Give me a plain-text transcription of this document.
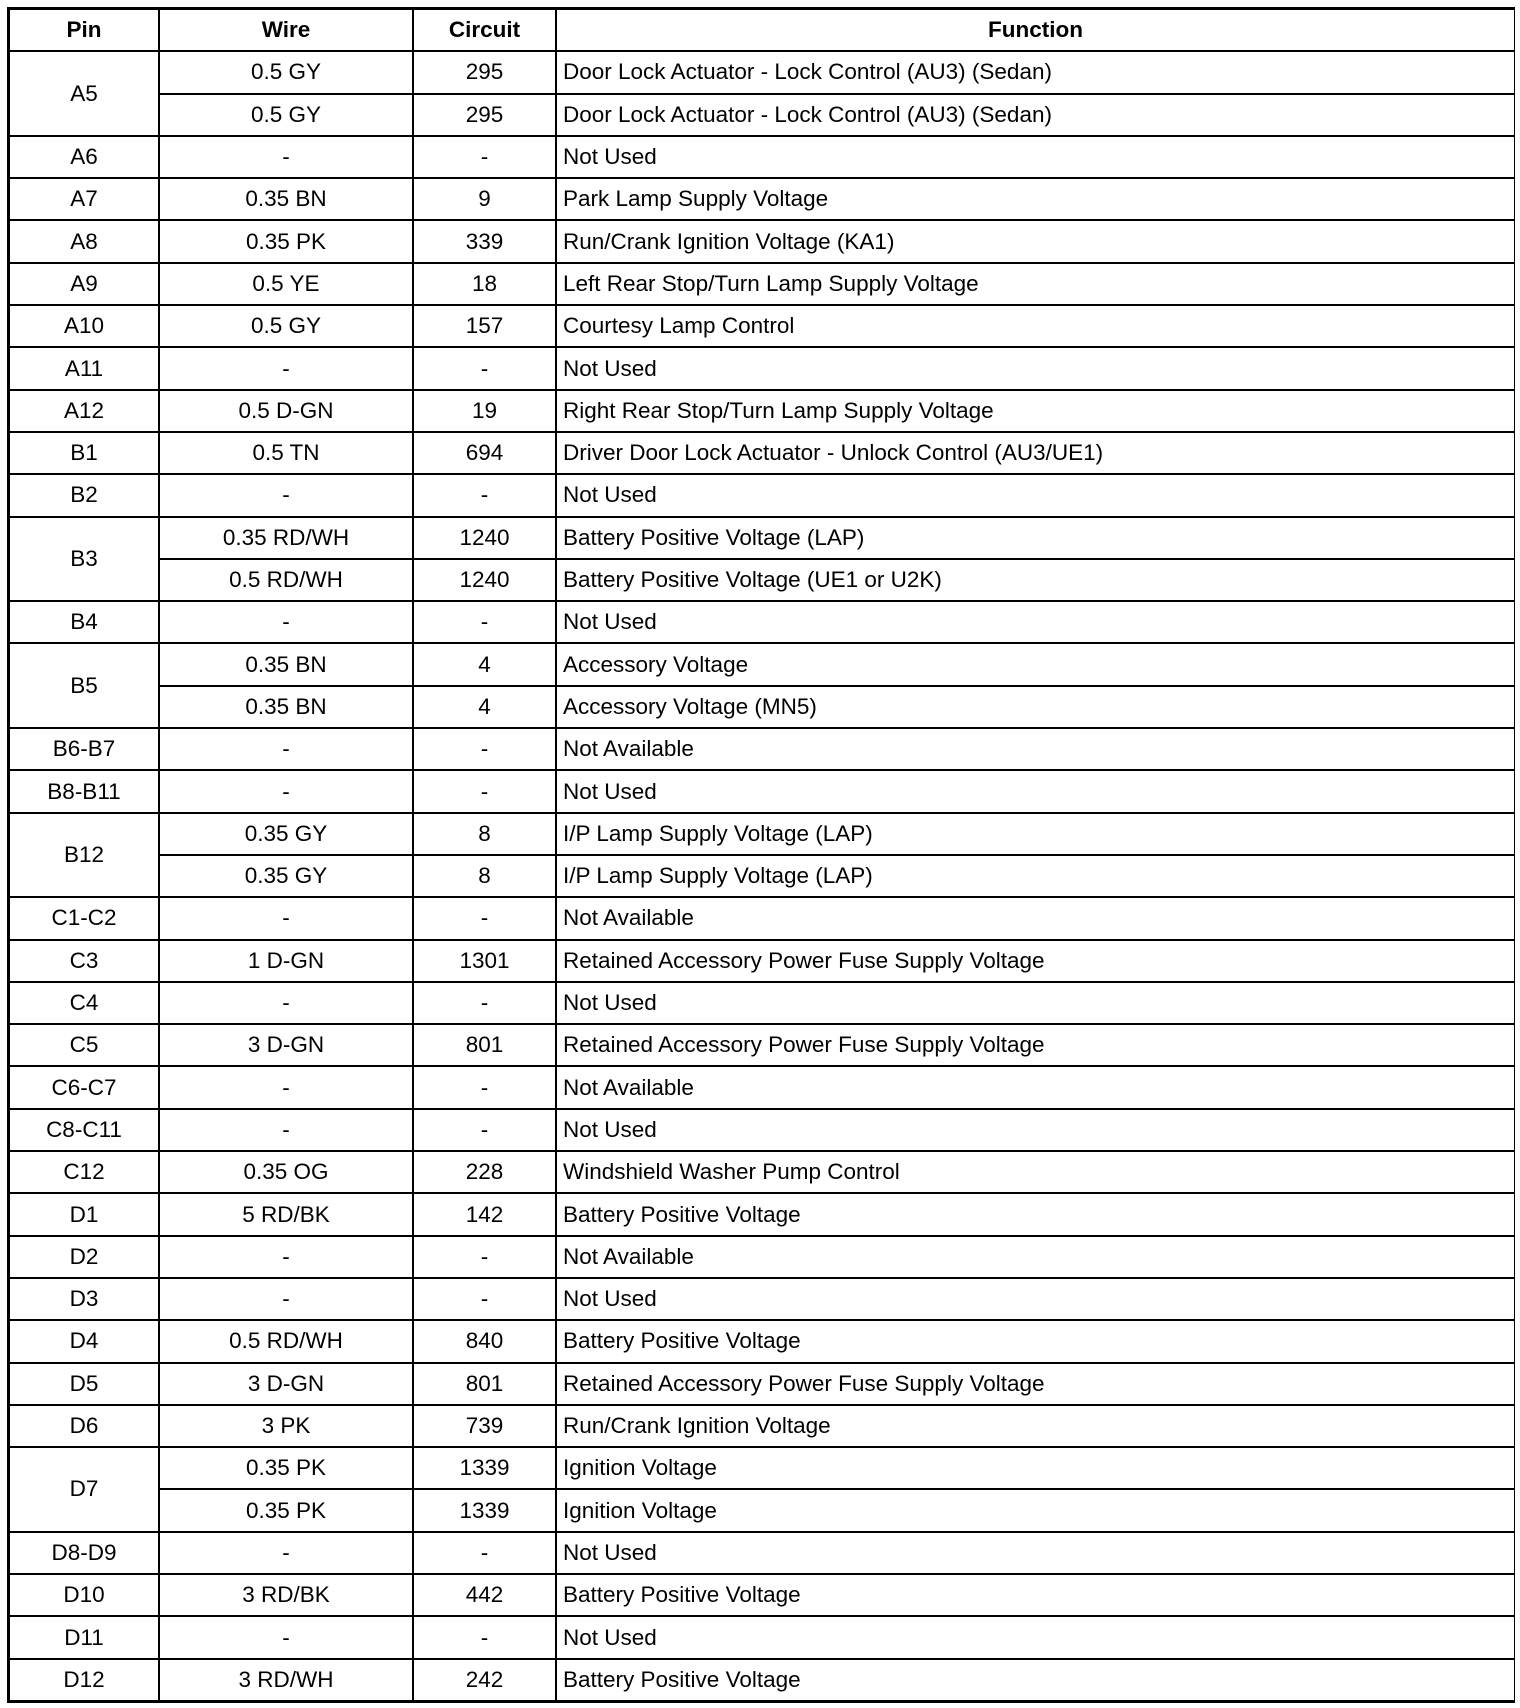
Pin	Wire	Circuit	Function
A5
0.5 GY	295	Door Lock Actuator - Lock Control (AU3) (Sedan)
0.5 GY	295	Door Lock Actuator - Lock Control (AU3) (Sedan)
A6	-	-	Not Used
A7	0.35 BN	9	Park Lamp Supply Voltage
A8	0.35 PK	339	Run/Crank Ignition Voltage (KA1)
A9	0.5 YE	18	Left Rear Stop/Turn Lamp Supply Voltage
A10	0.5 GY	157	Courtesy Lamp Control
A11	-	-	Not Used
A12	0.5 D-GN	19	Right Rear Stop/Turn Lamp Supply Voltage
B1	0.5 TN	694	Driver Door Lock Actuator - Unlock Control (AU3/UE1)
B2	-	-	Not Used
B3
0.35 RD/WH	1240	Battery Positive Voltage (LAP)
0.5 RD/WH	1240	Battery Positive Voltage (UE1 or U2K)
B4	-	-	Not Used
B5
0.35 BN	4	Accessory Voltage
0.35 BN	4	Accessory Voltage (MN5)
B6-B7	-	-	Not Available
B8-B11	-	-	Not Used
B12
0.35 GY	8	I/P Lamp Supply Voltage (LAP)
0.35 GY	8	I/P Lamp Supply Voltage (LAP)
C1-C2	-	-	Not Available
C3	1 D-GN	1301	Retained Accessory Power Fuse Supply Voltage
C4	-	-	Not Used
C5	3 D-GN	801	Retained Accessory Power Fuse Supply Voltage
C6-C7	-	-	Not Available
C8-C11	-	-	Not Used
C12	0.35 OG	228	Windshield Washer Pump Control
D1	5 RD/BK	142	Battery Positive Voltage
D2	-	-	Not Available
D3	-	-	Not Used
D4	0.5 RD/WH	840	Battery Positive Voltage
D5	3 D-GN	801	Retained Accessory Power Fuse Supply Voltage
D6	3 PK	739	Run/Crank Ignition Voltage
D7
0.35 PK	1339	Ignition Voltage
0.35 PK	1339	Ignition Voltage
D8-D9	-	-	Not Used
D10	3 RD/BK	442	Battery Positive Voltage
D11	-	-	Not Used
D12	3 RD/WH	242	Battery Positive Voltage
